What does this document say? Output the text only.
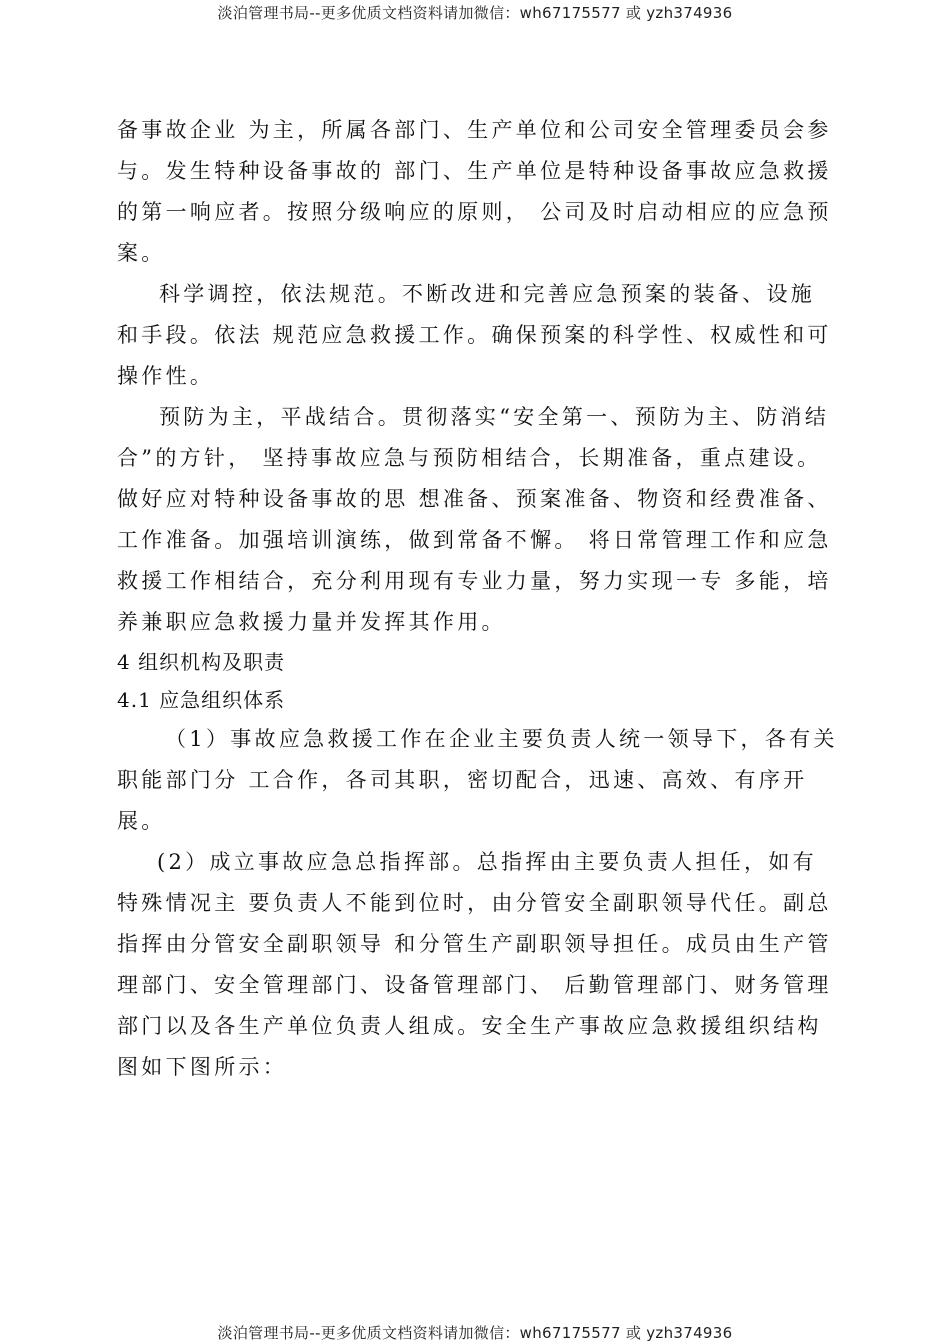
淡泊管理书局--更多优质文档资料请加微信：wh67175577 或 yzh374936

备事故企业 为主，所属各部门、生产单位和公司安全管理委员会参与。发生特种设备事故的 部门、生产单位是特种设备事故应急救援的第一响应者。按照分级响应的原则， 公司及时启动相应的应急预案。

科学调控，依法规范。不断改进和完善应急预案的装备、设施和手段。依法 规范应急救援工作。确保预案的科学性、权威性和可操作性。

预防为主，平战结合。贯彻落实“安全第一、预防为主、防消结合”的方针， 坚持事故应急与预防相结合，长期准备，重点建设。做好应对特种设备事故的思 想准备、预案准备、物资和经费准备、工作准备。加强培训演练，做到常备不懈。 将日常管理工作和应急救援工作相结合，充分利用现有专业力量，努力实现一专 多能，培养兼职应急救援力量并发挥其作用。

4 组织机构及职责

4.1 应急组织体系

（1）事故应急救援工作在企业主要负责人统一领导下，各有关职能部门分 工合作，各司其职，密切配合，迅速、高效、有序开展。

(2）成立事故应急总指挥部。总指挥由主要负责人担任，如有特殊情况主 要负责人不能到位时，由分管安全副职领导代任。副总指挥由分管安全副职领导 和分管生产副职领导担任。成员由生产管理部门、安全管理部门、设备管理部门、 后勤管理部门、财务管理部门以及各生产单位负责人组成。安全生产事故应急救援组织结构图如下图所示：

淡泊管理书局--更多优质文档资料请加微信：wh67175577 或 yzh374936
